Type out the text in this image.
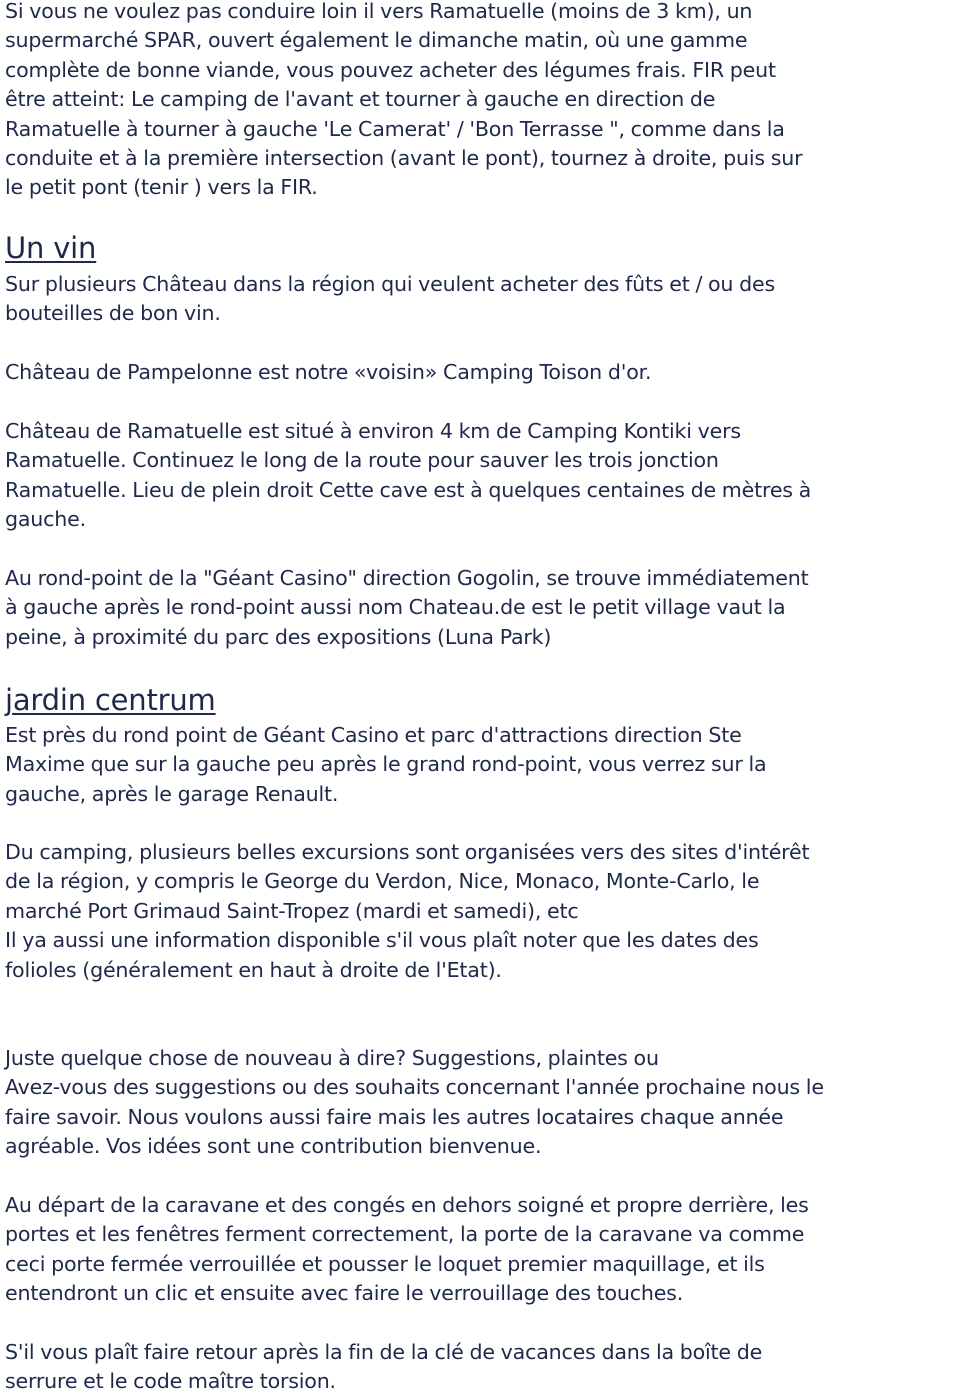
Si vous ne voulez pas conduire loin il vers Ramatuelle (moins de 3 km), un
supermarché SPAR, ouvert également le dimanche matin, où une gamme
complète de bonne viande, vous pouvez acheter des légumes frais. FIR peut
être atteint: Le camping de l'avant et tourner à gauche en direction de
Ramatuelle à tourner à gauche 'Le Camerat' / 'Bon Terrasse ", comme dans la
conduite et à la première intersection (avant le pont), tournez à droite, puis sur
le petit pont (tenir ) vers la FIR.
Un vin
Sur plusieurs Château dans la région qui veulent acheter des fûts et / ou des
bouteilles de bon vin.
Château de Pampelonne est notre «voisin» Camping Toison d'or.
Château de Ramatuelle est situé à environ 4 km de Camping Kontiki vers
Ramatuelle. Continuez le long de la route pour sauver les trois jonction
Ramatuelle. Lieu de plein droit Cette cave est à quelques centaines de mètres à
gauche.
Au rond-point de la "Géant Casino" direction Gogolin, se trouve immédiatement
à gauche après le rond-point aussi nom Chateau.de est le petit village vaut la
peine, à proximité du parc des expositions (Luna Park)
jardin centrum
Est près du rond point de Géant Casino et parc d'attractions direction Ste
Maxime que sur la gauche peu après le grand rond-point, vous verrez sur la
gauche, après le garage Renault.
Du camping, plusieurs belles excursions sont organisées vers des sites d'intérêt
de la région, y compris le George du Verdon, Nice, Monaco, Monte-Carlo, le
marché Port Grimaud Saint-Tropez (mardi et samedi), etc
Il ya aussi une information disponible s'il vous plaît noter que les dates des
folioles (généralement en haut à droite de l'Etat).
Juste quelque chose de nouveau à dire? Suggestions, plaintes ou
Avez-vous des suggestions ou des souhaits concernant l'année prochaine nous le
faire savoir. Nous voulons aussi faire mais les autres locataires chaque année
agréable. Vos idées sont une contribution bienvenue.
Au départ de la caravane et des congés en dehors soigné et propre derrière, les
portes et les fenêtres ferment correctement, la porte de la caravane va comme
ceci porte fermée verrouillée et pousser le loquet premier maquillage, et ils
entendront un clic et ensuite avec faire le verrouillage des touches.
S'il vous plaît faire retour après la fin de la clé de vacances dans la boîte de
serrure et le code maître torsion.
